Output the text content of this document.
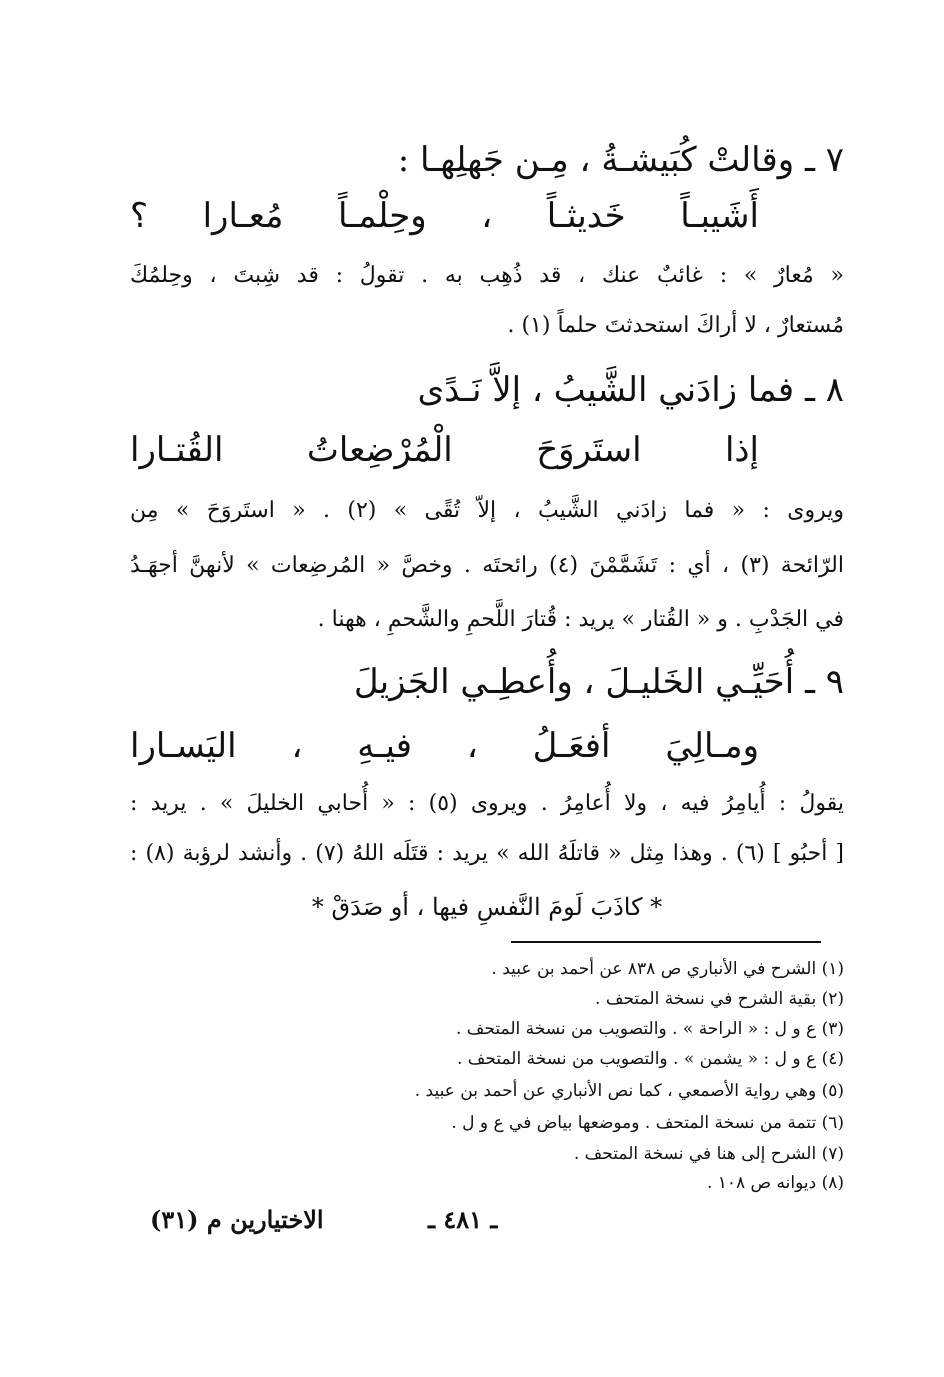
٧ ـ وقالتْ كُبَيشـةُ ، مِـن جَهلِهـا :
أَشَيبـاً خَديثـاً ، وحِلْمـاً مُعـارا ؟
« مُعارٌ » : غائبٌ عنك ، قد ذُهِب به . تقولُ : قد شِبتَ ، وحِلمُكَ
مُستعارٌ ، لا أراكَ استحدثتَ حلماً (١) .
٨ ـ فما زادَني الشَّيبُ ، إلاَّ نَـدًى
إذا استَروَحَ الْمُرْضِعاتُ القُتـارا
ويروى : « فما زادَني الشَّيبُ ، إلاّ تُقًى » (٢) . « استَروَحَ » مِن
الرّائحة (٣) ، أي : تَشَمَّمْنَ (٤) رائحتَه . وخصَّ « المُرضِعات » لأنهنَّ أجهَـدُ
في الجَدْبِ . و « القُتار » يريد : قُتارَ اللَّحمِ والشَّحمِ ، ههنا .
٩ ـ أُحَيِّـي الخَليـلَ ، وأُعطِـي الجَزيلَ
ومـالِيَ أفعَـلُ ، فيـهِ ، اليَسـارا
يقولُ : أُيامِرُ فيه ، ولا أُعامِرُ . ويروى (٥) : « أُحابي الخليلَ » . يريد :
[ أحبُو ] (٦) . وهذا مِثل « قاتلَهُ الله » يريد : قتَلَه اللهُ (٧) . وأنشد لرؤبة (٨) :
* كاذَبَ لَومَ النَّفسِ فيها ، أو صَدَقْ *
(١) الشرح في الأنباري ص ٨٣٨ عن أحمد بن عبيد .
(٢) بقية الشرح في نسخة المتحف .
(٣) ع و ل : « الراحة » . والتصويب من نسخة المتحف .
(٤) ع و ل : « يشمن » . والتصويب من نسخة المتحف .
(٥) وهي رواية الأصمعي ، كما نص الأنباري عن أحمد بن عبيد .
(٦) تتمة من نسخة المتحف . وموضعها بياض في ع و ل .
(٧) الشرح إلى هنا في نسخة المتحف .
(٨) ديوانه ص ١٠٨ .
ـ ٤٨١ ـ
الاختيارين م (٣١)
